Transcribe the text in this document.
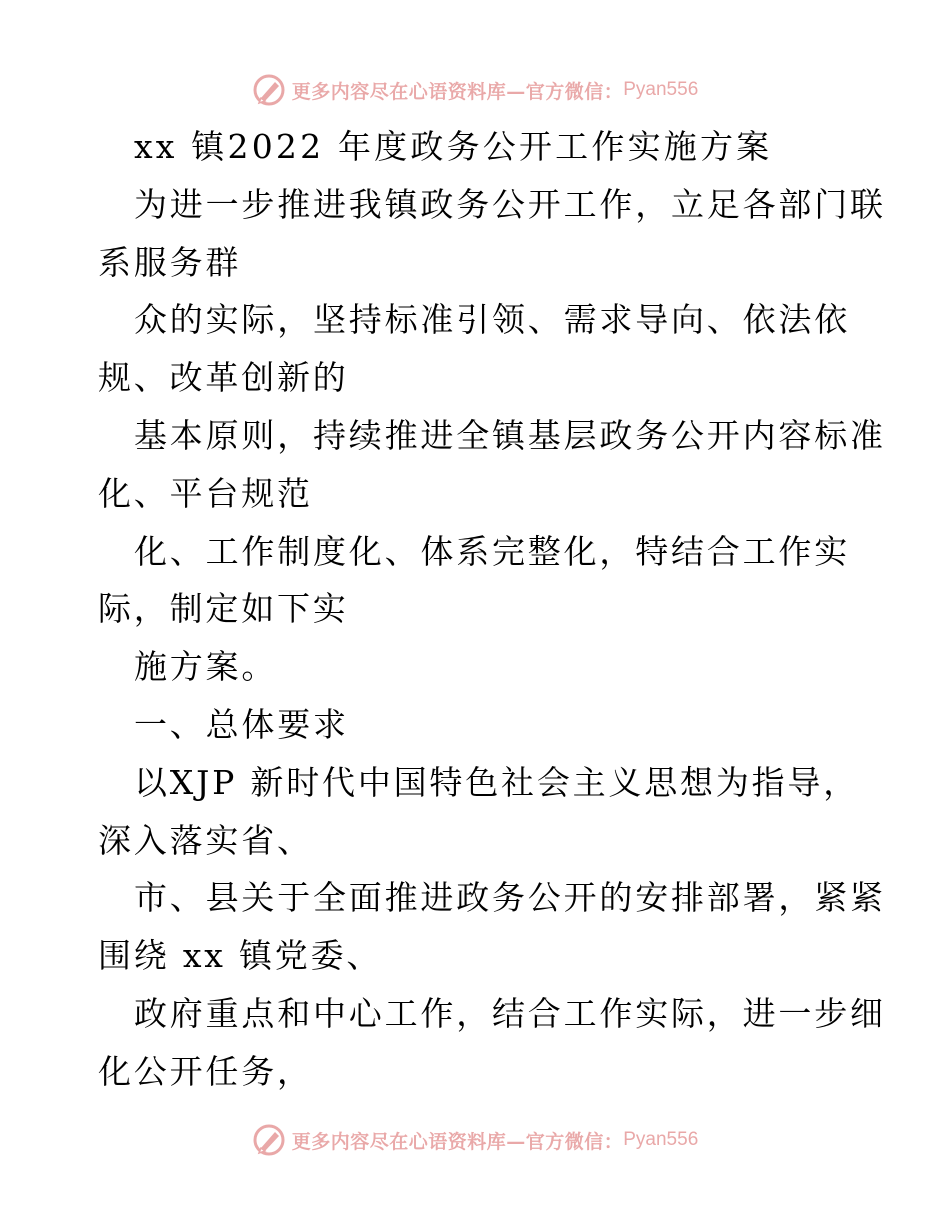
更多内容尽在心语资料库—官方微信： Pyan556
xx 镇2022 年度政务公开工作实施方案
为进一步推进我镇政务公开工作，立足各部门联
系服务群
众的实际，坚持标准引领、需求导向、依法依
规、改革创新的
基本原则，持续推进全镇基层政务公开内容标准
化、平台规范
化、工作制度化、体系完整化，特结合工作实
际，制定如下实
施方案。
一、总体要求
以XJP 新时代中国特色社会主义思想为指导，
深入落实省、
市、县关于全面推进政务公开的安排部署，紧紧
围绕 xx 镇党委、
政府重点和中心工作，结合工作实际，进一步细
化公开任务，
更多内容尽在心语资料库—官方微信： Pyan556
